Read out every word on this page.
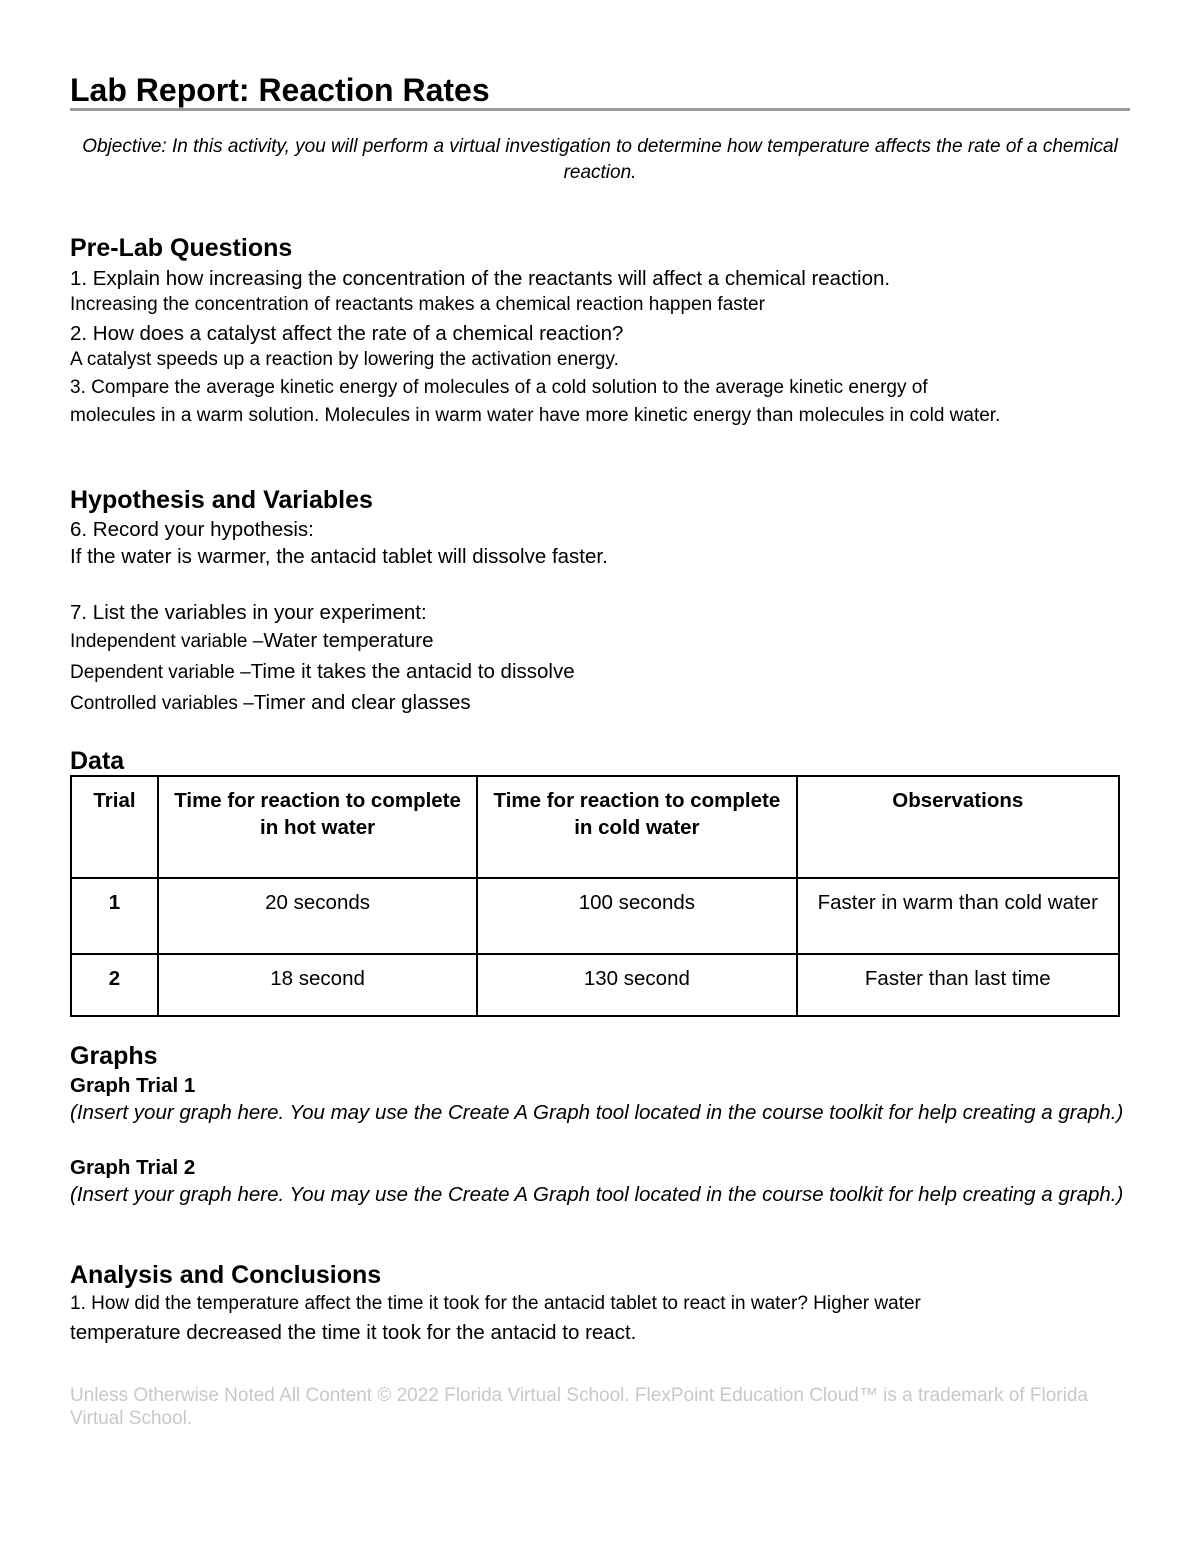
Lab Report: Reaction Rates
Objective: In this activity, you will perform a virtual investigation to determine how temperature affects the rate of a chemical reaction.
Pre-Lab Questions
1. Explain how increasing the concentration of the reactants will affect a chemical reaction.
Increasing the concentration of reactants makes a chemical reaction happen faster
2. How does a catalyst affect the rate of a chemical reaction?
A catalyst speeds up a reaction by lowering the activation energy.
3. Compare the average kinetic energy of molecules of a cold solution to the average kinetic energy of
molecules in a warm solution. Molecules in warm water have more kinetic energy than molecules in cold water.
Hypothesis and Variables
6. Record your hypothesis:
If the water is warmer, the antacid tablet will dissolve faster.
7. List the variables in your experiment:
Independent variable –Water temperature
Dependent variable –Time it takes the antacid to dissolve
Controlled variables –Timer and clear glasses
Data
Trial	Time for reaction to complete in hot water	Time for reaction to complete in cold water	Observations
1	20 seconds	100 seconds	Faster in warm than cold water
2	18 second	130 second	Faster than last time
Graphs
Graph Trial 1
(Insert your graph here. You may use the Create A Graph tool located in the course toolkit for help creating a graph.)
Graph Trial 2
(Insert your graph here. You may use the Create A Graph tool located in the course toolkit for help creating a graph.)
Analysis and Conclusions
1. How did the temperature affect the time it took for the antacid tablet to react in water? Higher water
temperature decreased the time it took for the antacid to react.
Unless Otherwise Noted All Content © 2022 Florida Virtual School. FlexPoint Education Cloud™ is a trademark of Florida Virtual School.
